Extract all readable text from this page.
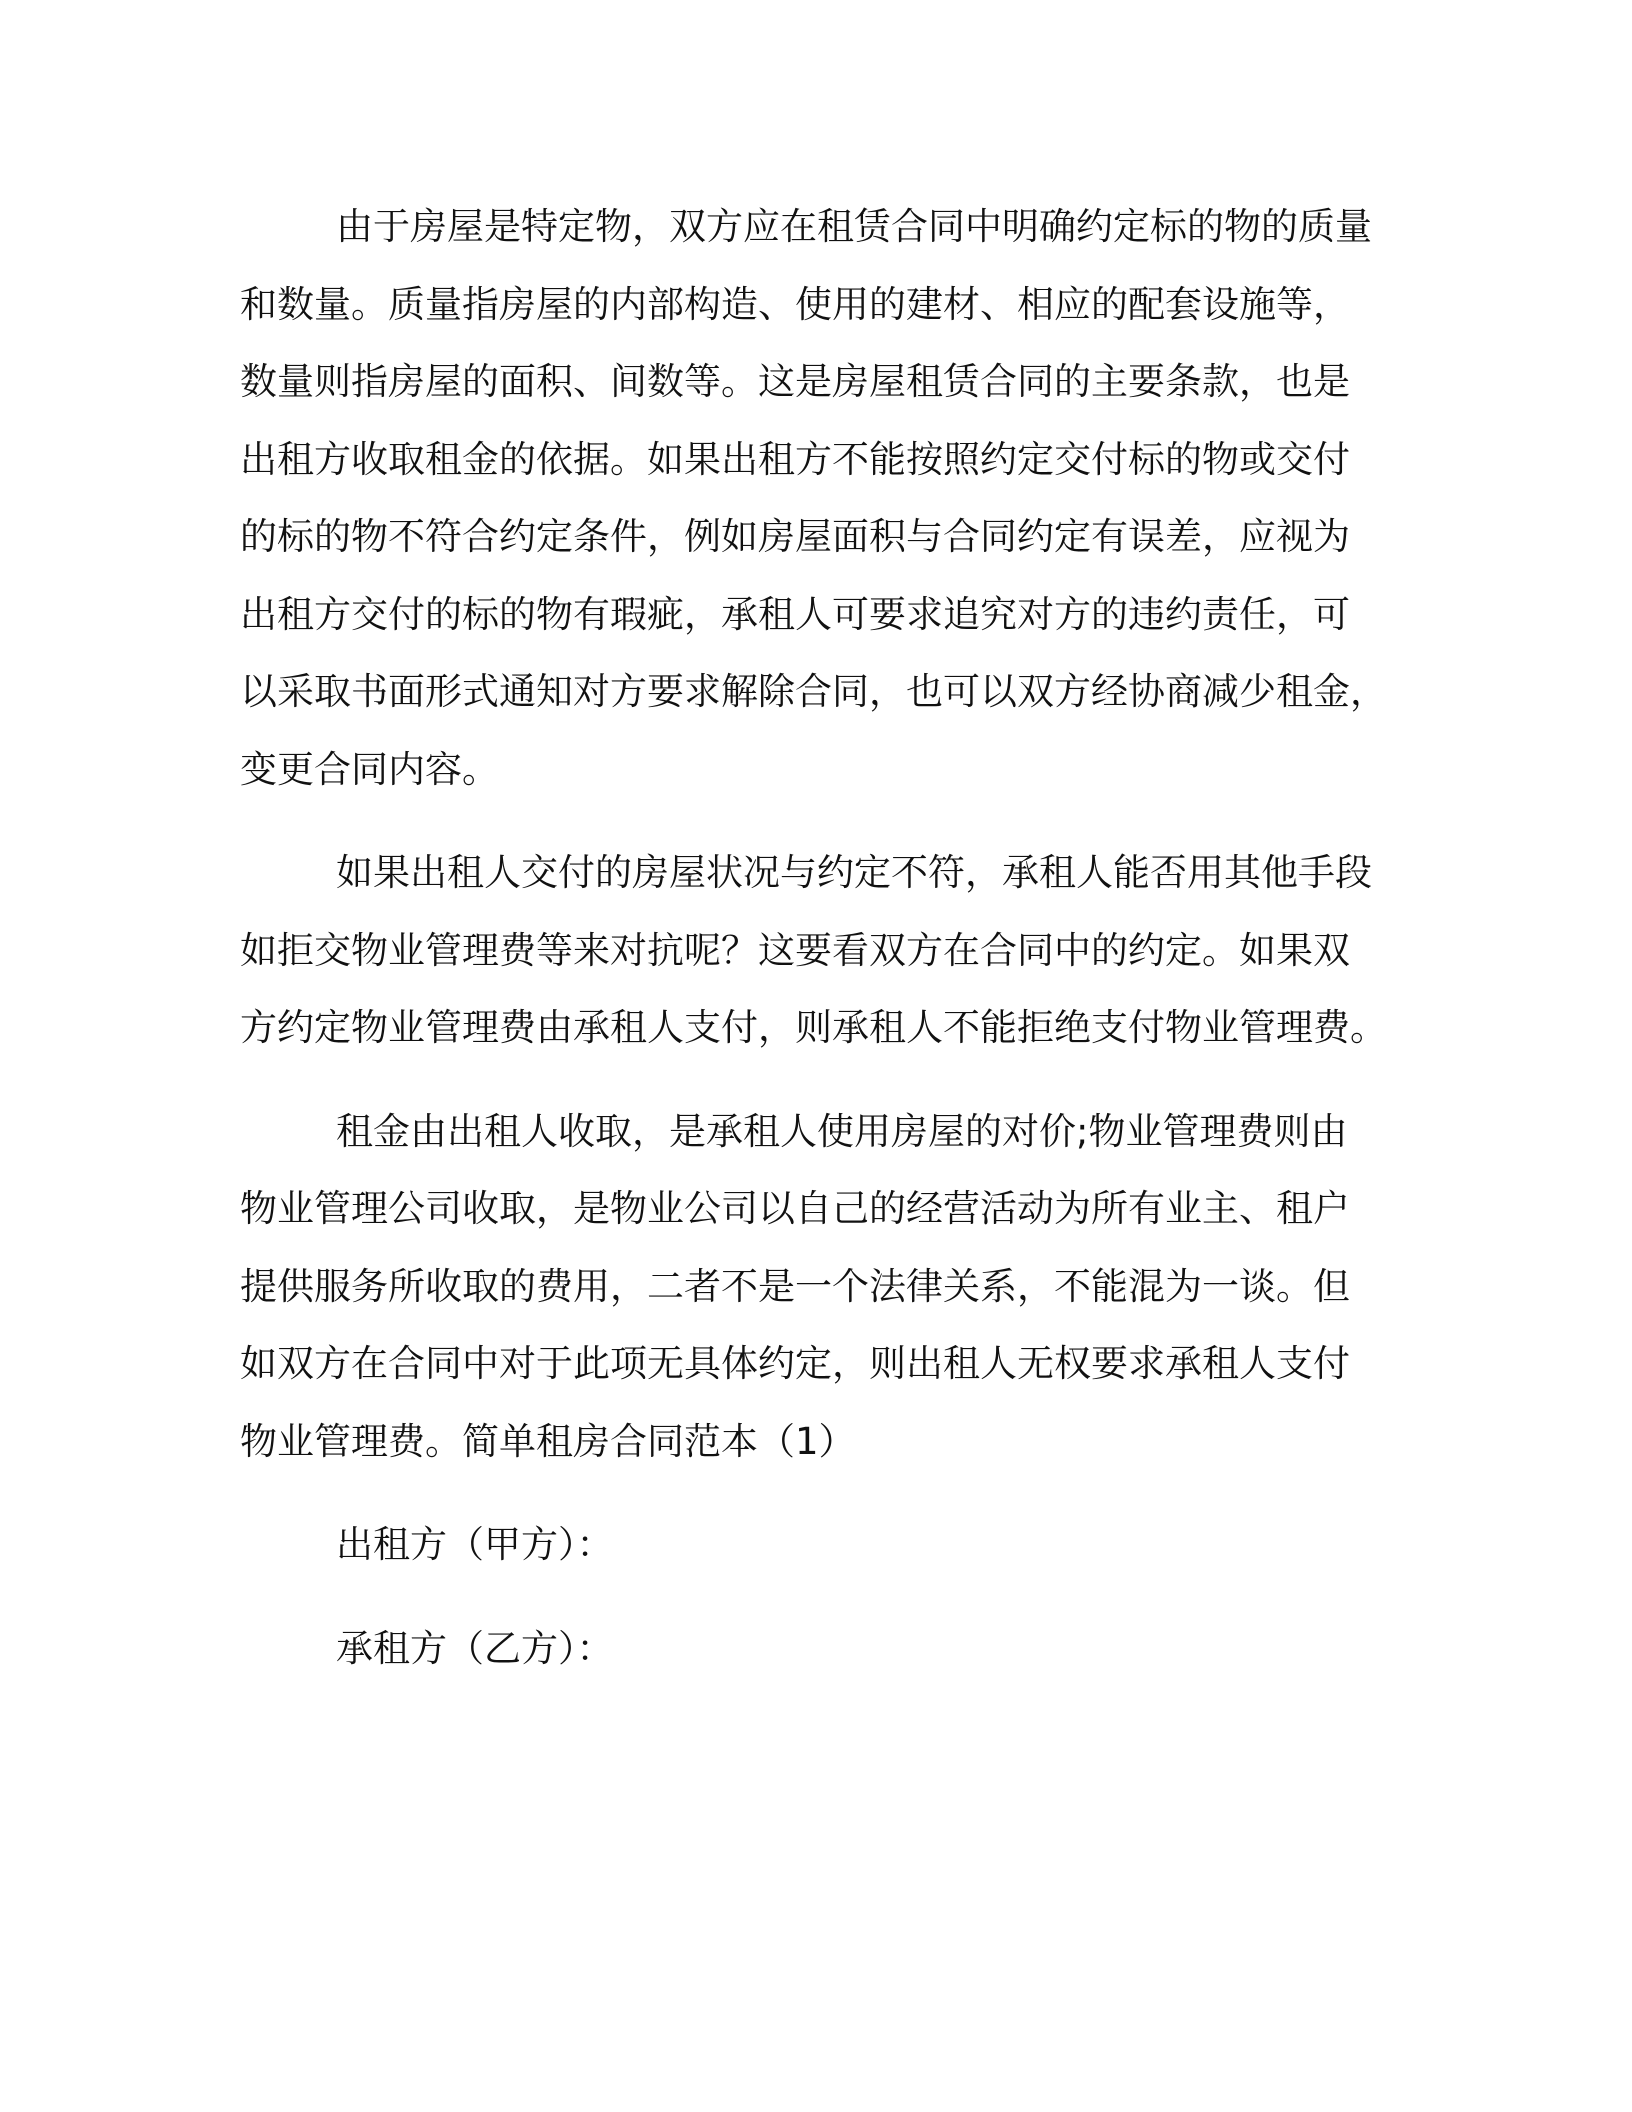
由于房屋是特定物，双方应在租赁合同中明确约定标的物的质量
和数量。质量指房屋的内部构造、使用的建材、相应的配套设施等，
数量则指房屋的面积、间数等。这是房屋租赁合同的主要条款，也是
出租方收取租金的依据。如果出租方不能按照约定交付标的物或交付
的标的物不符合约定条件，例如房屋面积与合同约定有误差，应视为
出租方交付的标的物有瑕疵，承租人可要求追究对方的违约责任，可
以采取书面形式通知对方要求解除合同，也可以双方经协商减少租金，
变更合同内容。
如果出租人交付的房屋状况与约定不符，承租人能否用其他手段
如拒交物业管理费等来对抗呢？这要看双方在合同中的约定。如果双
方约定物业管理费由承租人支付，则承租人不能拒绝支付物业管理费。
租金由出租人收取，是承租人使用房屋的对价;物业管理费则由
物业管理公司收取，是物业公司以自己的经营活动为所有业主、租户
提供服务所收取的费用，二者不是一个法律关系，不能混为一谈。但
如双方在合同中对于此项无具体约定，则出租人无权要求承租人支付
物业管理费。简单租房合同范本（1）

出租方（甲方）：

承租方（乙方）：
